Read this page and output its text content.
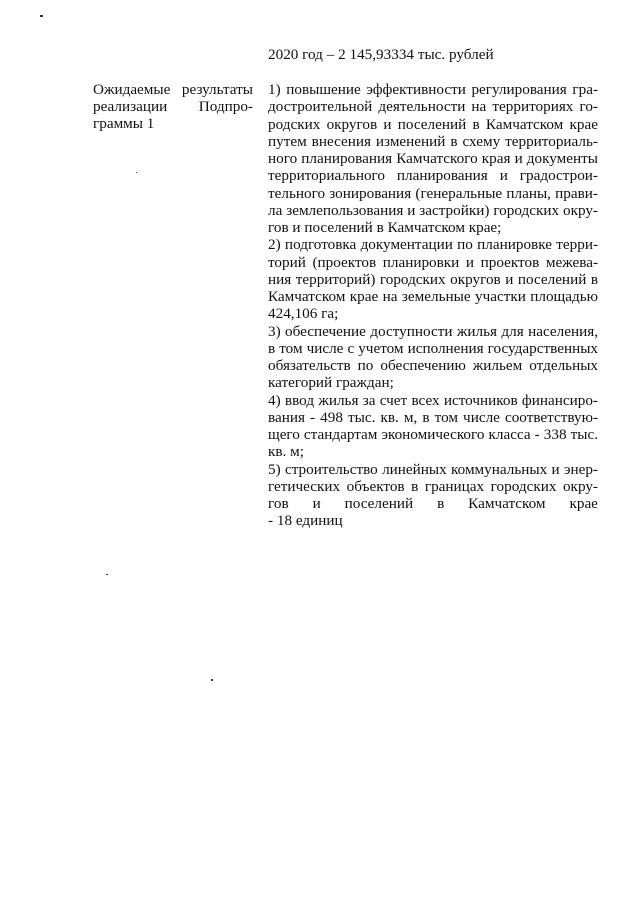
2020 год – 2 145,93334 тыс. рублей
Ожидаемые результаты
реализации Подпро-
граммы 1
1) повышение эффективности регулирования гра-
достроительной деятельности на территориях го-
родских округов и поселений в Камчатском крае
путем внесения изменений в схему территориаль-
ного планирования Камчатского края и документы
территориального планирования и градострои-
тельного зонирования (генеральные планы, прави-
ла землепользования и застройки) городских окру-
гов и поселений в Камчатском крае;
2) подготовка документации по планировке терри-
торий (проектов планировки и проектов межева-
ния территорий) городских округов и поселений в
Камчатском крае на земельные участки площадью
424,106 га;
3) обеспечение доступности жилья для населения,
в том числе с учетом исполнения государственных
обязательств по обеспечению жильем отдельных
категорий граждан;
4) ввод жилья за счет всех источников финансиро-
вания - 498 тыс. кв. м, в том числе соответствую-
щего стандартам экономического класса - 338 тыс.
кв. м;
5) строительство линейных коммунальных и энер-
гетических объектов в границах городских окру-
гов и поселений в Камчатском крае
- 18 единиц
